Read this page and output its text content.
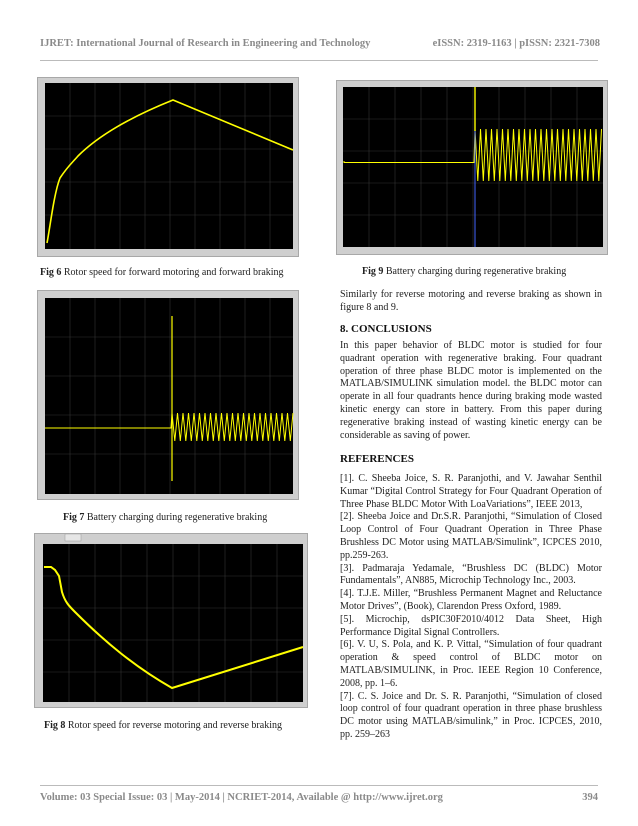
IJRET: International Journal of Research in Engineering and Technology	eISSN: 2319-1163 | pISSN: 2321-7308
Fig 6 Rotor speed for forward motoring and forward braking	Fig 9 Battery charging during regenerative braking
Fig 7 Battery charging during regenerative braking
Fig 8 Rotor speed for reverse motoring and reverse braking
Similarly for reverse motoring and reverse braking as shown in figure 8 and 9.
8. CONCLUSIONS
In this paper behavior of BLDC motor is studied for four quadrant operation with regenerative braking. Four quadrant operation of three phase BLDC motor is implemented on the MATLAB/SIMULINK simulation model. the BLDC motor can operate in all four quadrants hence during braking mode wasted kinetic energy can store in battery. From this paper during regenerative braking instead of wasting kinetic energy can be considerable as saving of power.
REFERENCES
[1]. C. Sheeba Joice, S. R. Paranjothi, and V. Jawahar Senthil Kumar “Digital Control Strategy for Four Quadrant Operation of Three Phase BLDC Motor With LoaVariations”, IEEE 2013,
[2]. Sheeba Joice and Dr.S.R. Paranjothi, “Simulation of Closed Loop Control of Four Quadrant Operation in Three Phase Brushless DC Motor using MATLAB/Simulink”, ICPCES 2010, pp.259-263.
[3]. Padmaraja Yedamale, “Brushless DC (BLDC) Motor Fundamentals”, AN885, Microchip Technology Inc., 2003.
[4]. T.J.E. Miller, “Brushless Permanent Magnet and Reluctance Motor Drives”, (Book), Clarendon Press Oxford, 1989.
[5]. Microchip, dsPIC30F2010/4012 Data Sheet, High Performance Digital Signal Controllers.
[6]. V. U, S. Pola, and K. P. Vittal, “Simulation of four quadrant operation & speed control of BLDC motor on MATLAB/SIMULINK, in Proc. IEEE Region 10 Conference, 2008, pp. 1–6.
[7]. C. S. Joice and Dr. S. R. Paranjothi, “Simulation of closed loop control of four quadrant operation in three phase brushless DC motor using MATLAB/simulink,” in Proc. ICPCES, 2010, pp. 259–263
Volume: 03 Special Issue: 03 | May-2014 | NCRIET-2014, Available @ http://www.ijret.org	394
